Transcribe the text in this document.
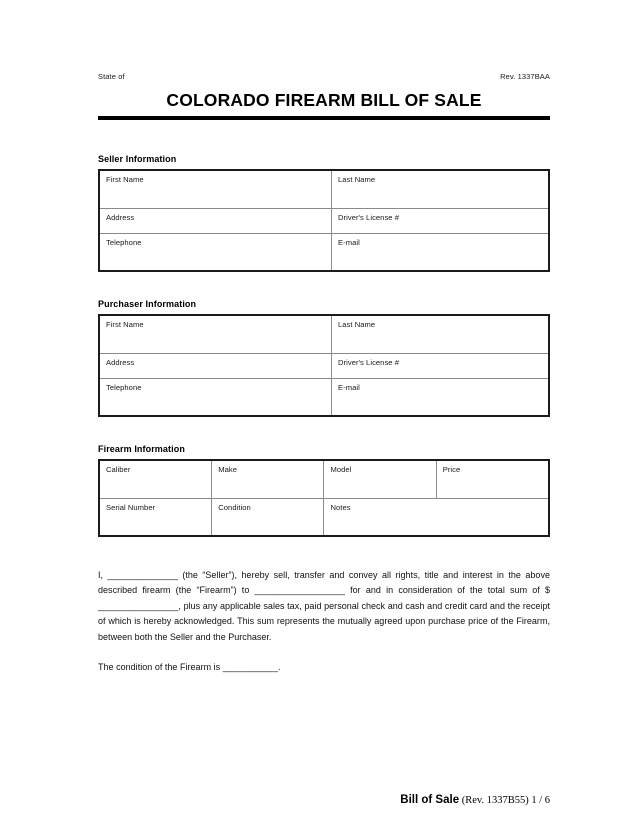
State of	Rev. 1337BAA
COLORADO FIREARM BILL OF SALE
Seller Information
First Name	Last Name
Address	Driver's License #
Telephone	E-mail
Purchaser Information
First Name	Last Name
Address	Driver's License #
Telephone	E-mail
Firearm Information
Caliber	Make	Model	Price
Serial Number	Condition	Notes	

I, ______________ (the “Seller”), hereby sell, transfer and convey all rights, title and interest in the above described firearm (the “Firearm”) to __________________ for and in consideration of the total sum of $ ________________, plus any applicable sales tax, paid personal check and cash and credit card and the receipt of which is hereby acknowledged. This sum represents the mutually agreed upon purchase price of the Firearm, between both the Seller and the Purchaser.

The condition of the Firearm is ___________.

Bill of Sale (Rev. 1337B55) 1 / 6
